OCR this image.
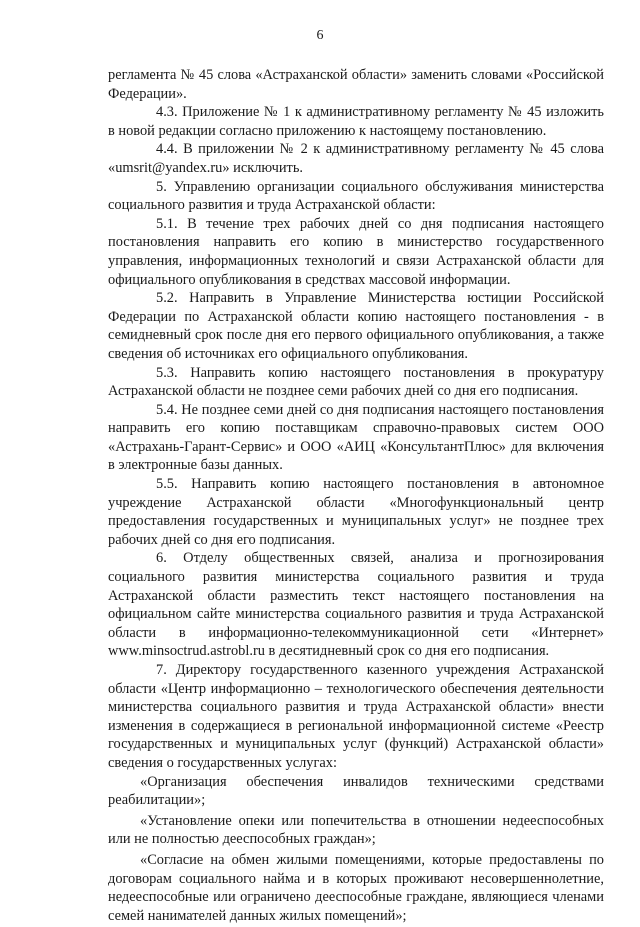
6

регламента № 45 слова «Астраханской области» заменить словами «Российской Федерации».

4.3. Приложение № 1 к административному регламенту № 45 изложить в новой редакции согласно приложению к настоящему постановлению.

4.4. В приложении № 2 к административному регламенту № 45 слова «umsrit@yandex.ru» исключить.

5. Управлению организации социального обслуживания министерства социального развития и труда Астраханской области:

5.1. В течение трех рабочих дней со дня подписания настоящего постановления направить его копию в министерство государственного управления, информационных технологий и связи Астраханской области для официального опубликования в средствах массовой информации.

5.2. Направить в Управление Министерства юстиции Российской Федерации по Астраханской области копию настоящего постановления - в семидневный срок после дня его первого официального опубликования, а также сведения об источниках его официального опубликования.

5.3. Направить копию настоящего постановления в прокуратуру Астраханской области не позднее семи рабочих дней со дня его подписания.

5.4. Не позднее семи дней со дня подписания настоящего постановления направить его копию поставщикам справочно-правовых систем ООО «Астрахань-Гарант-Сервис» и ООО «АИЦ «КонсультантПлюс» для включения в электронные базы данных.

5.5. Направить копию настоящего постановления в автономное учреждение Астраханской области «Многофункциональный центр предоставления государственных и муниципальных услуг» не позднее трех рабочих дней со дня его подписания.

6. Отделу общественных связей, анализа и прогнозирования социального развития министерства социального развития и труда Астраханской области разместить текст настоящего постановления на официальном сайте министерства социального развития и труда Астраханской области в информационно-телекоммуникационной сети «Интернет» www.minsoctrud.astrobl.ru в десятидневный срок со дня его подписания.

7. Директору государственного казенного учреждения Астраханской области «Центр информационно – технологического обеспечения деятельности министерства социального развития и труда Астраханской области» внести изменения в содержащиеся в региональной информационной системе «Реестр государственных и муниципальных услуг (функций) Астраханской области» сведения о государственных услугах:

«Организация обеспечения инвалидов техническими средствами реабилитации»;

«Установление опеки или попечительства в отношении недееспособных или не полностью дееспособных граждан»;

«Согласие на обмен жилыми помещениями, которые предоставлены по договорам социального найма и в которых проживают несовершеннолетние, недееспособные или ограничено дееспособные граждане, являющиеся членами семей нанимателей данных жилых помещений»;
